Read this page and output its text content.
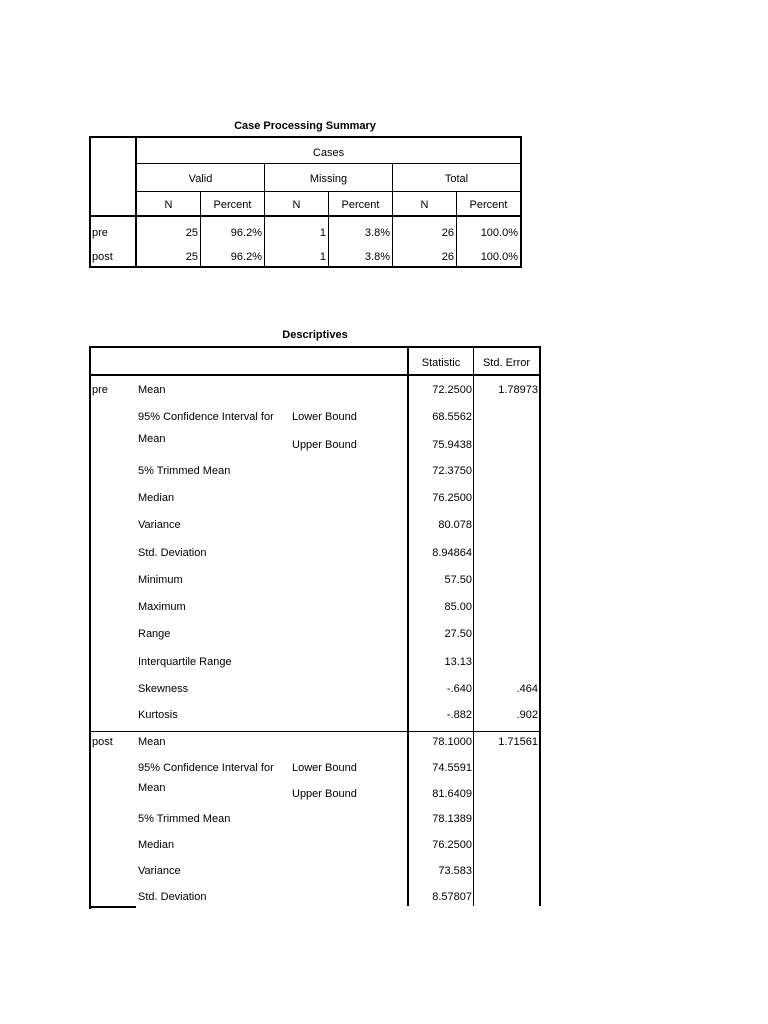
Case Processing Summary
Cases
Valid	Missing	Total
N	Percent	N	Percent	N	Percent
pre	25	96.2%	1	3.8%	26	100.0%
post	25	96.2%	1	3.8%	26	100.0%
Descriptives
Statistic	Std. Error
pre	Mean	72.2500	1.78973
95% Confidence Interval for
Mean
Lower Bound	68.5562
Upper Bound	75.9438
5% Trimmed Mean	72.3750
Median	76.2500
Variance	80.078
Std. Deviation	8.94864
Minimum	57.50
Maximum	85.00
Range	27.50
Interquartile Range	13.13
Skewness	-.640	.464
Kurtosis	-.882	.902
post Mean	78.1000	1.71561
95% Confidence Interval for
Mean
Lower Bound	74.5591
Upper Bound	81.6409
5% Trimmed Mean	78.1389
Median	76.2500
Variance	73.583
Std. Deviation	8.57807
